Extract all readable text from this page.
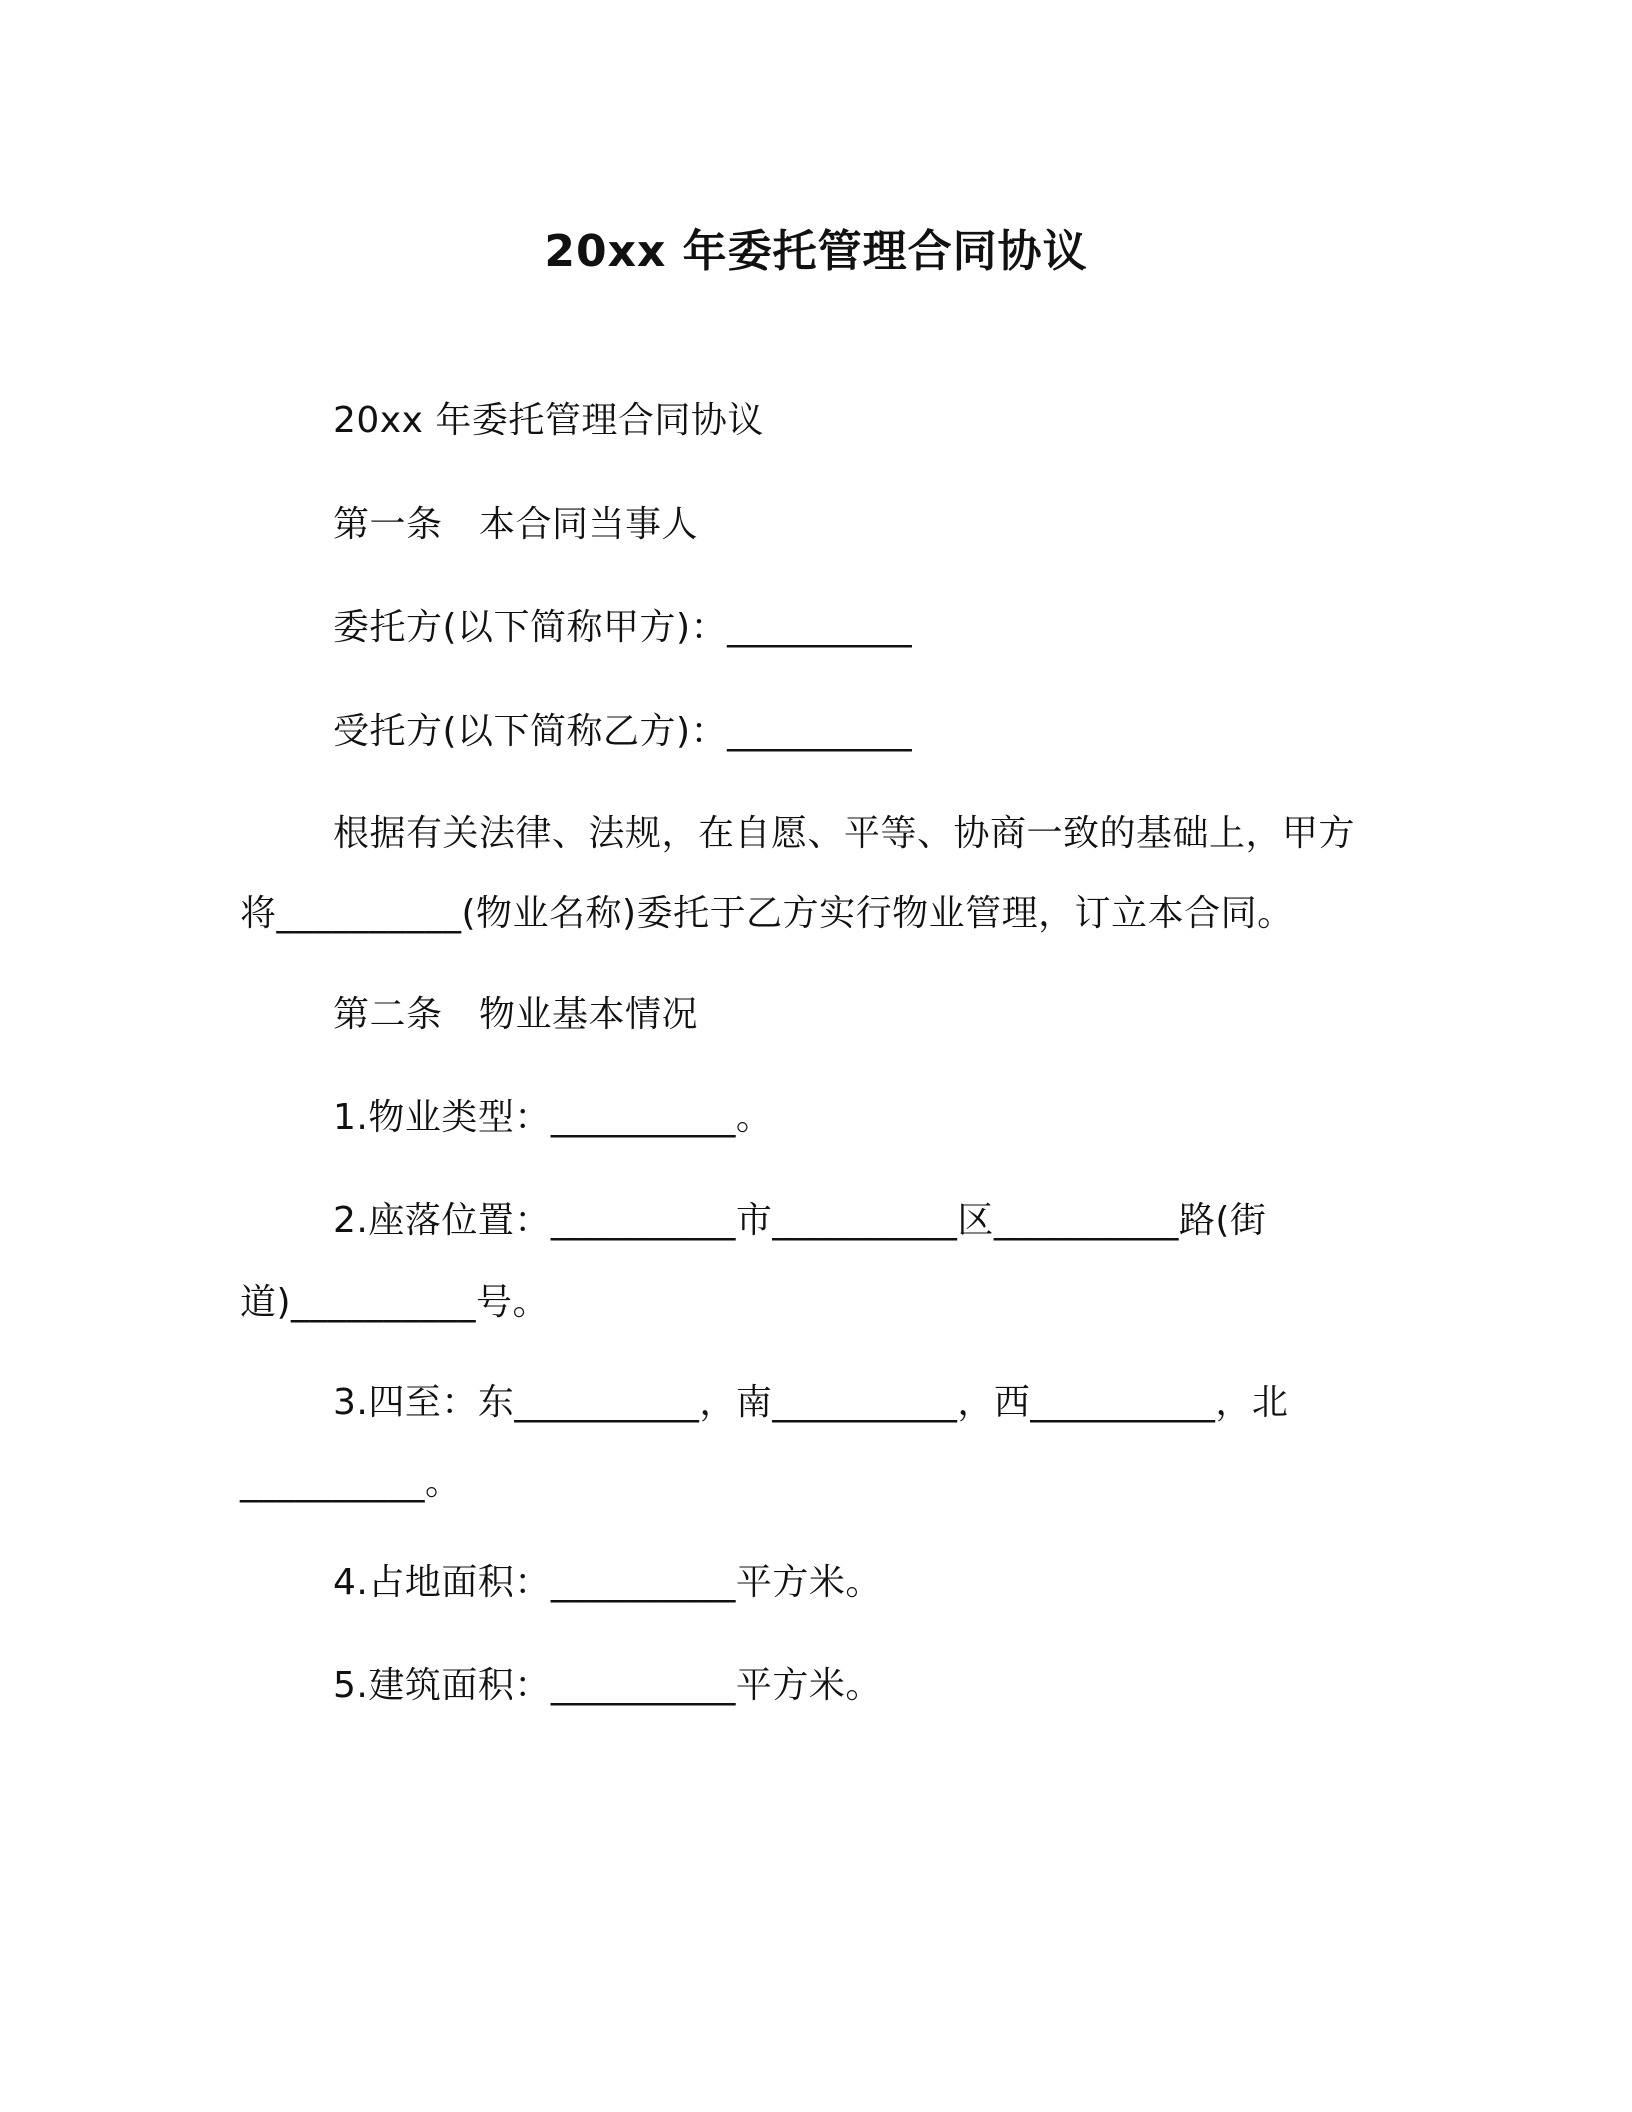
20xx 年委托管理合同协议
20xx 年委托管理合同协议
第一条　本合同当事人
委托方(以下简称甲方)：__________
受托方(以下简称乙方)：__________
根据有关法律、法规，在自愿、平等、协商一致的基础上，甲方
将__________(物业名称)委托于乙方实行物业管理，订立本合同。
第二条　物业基本情况
1.物业类型：__________。
2.座落位置：__________市__________区__________路(街
道)__________号。
3.四至：东__________，南__________，西__________，北
__________。
4.占地面积：__________平方米。
5.建筑面积：__________平方米。
